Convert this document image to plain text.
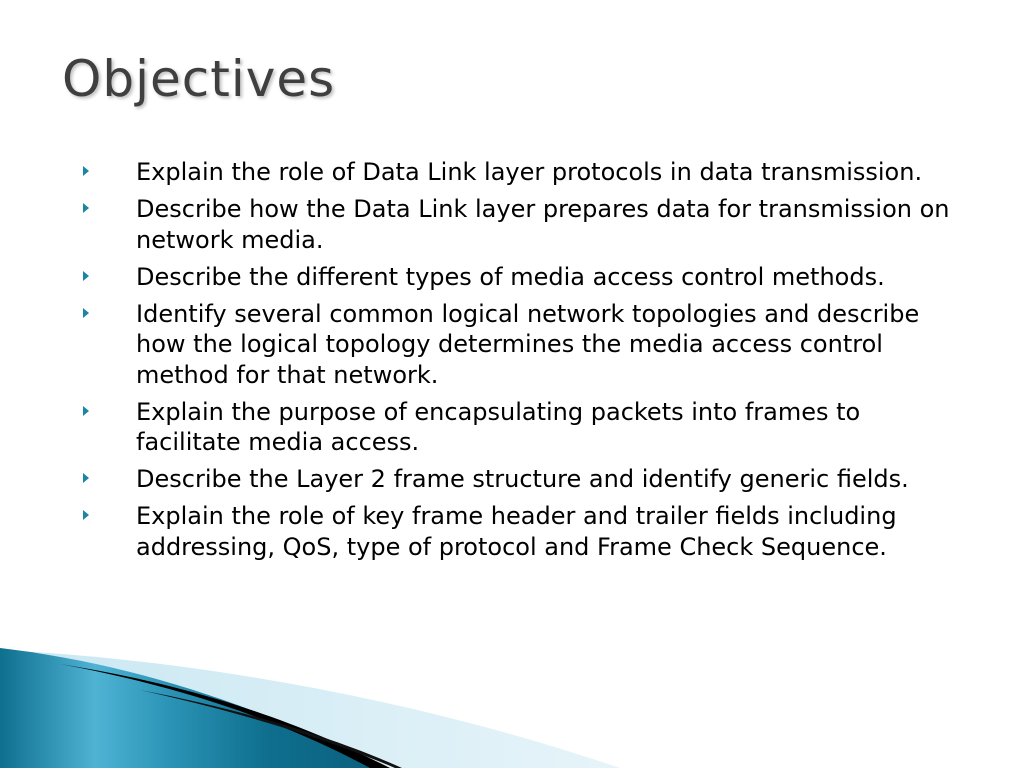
Objectives
Explain the role of Data Link layer protocols in data transmission.
Describe how the Data Link layer prepares data for transmission on network media.
Describe the different types of media access control methods.
Identify several common logical network topologies and describe how the logical topology determines the media access control method for that network.
Explain the purpose of encapsulating packets into frames to facilitate media access.
Describe the Layer 2 frame structure and identify generic fields.
Explain the role of key frame header and trailer fields including addressing, QoS, type of protocol and Frame Check Sequence.
